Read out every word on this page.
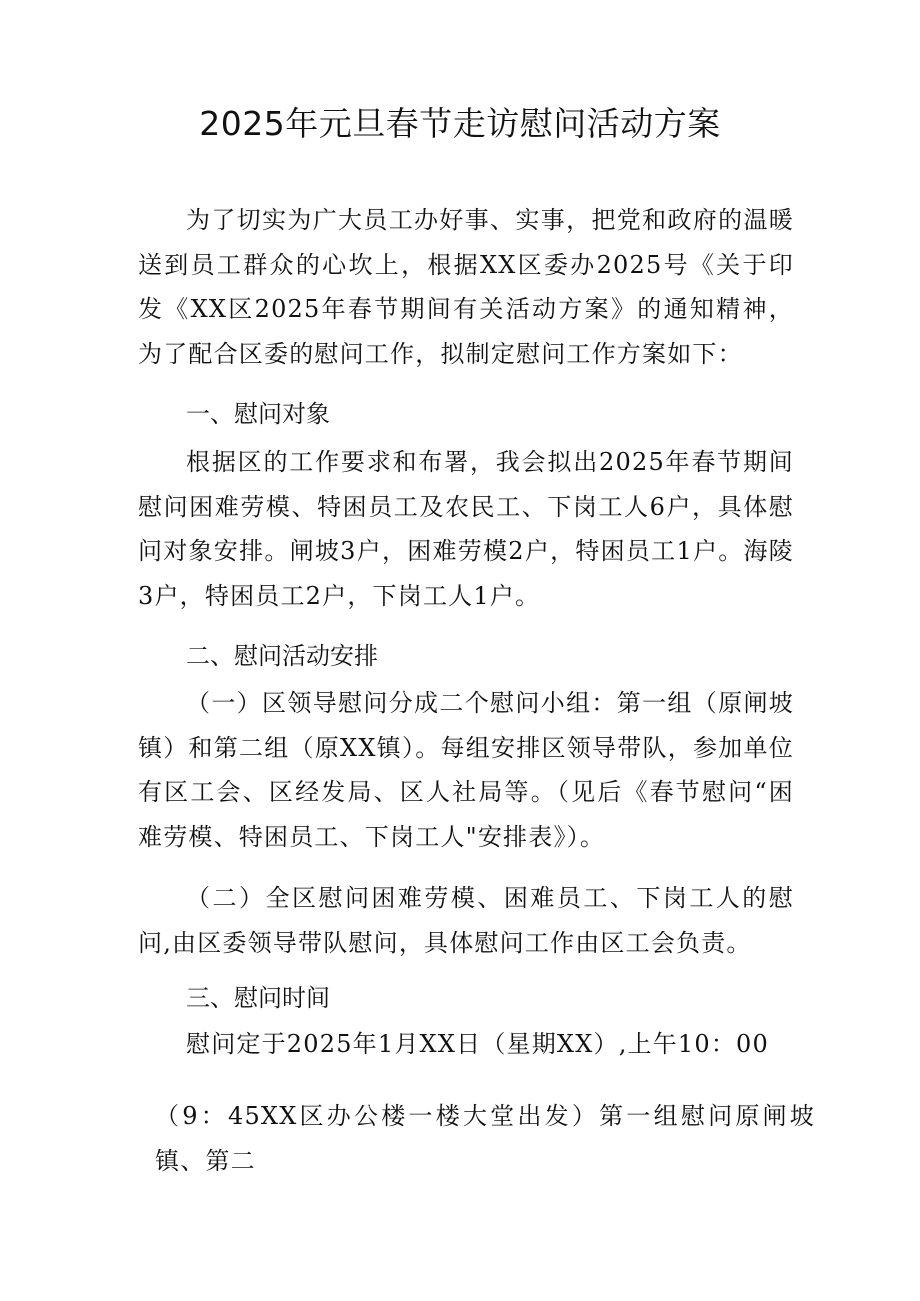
2025年元旦春节走访慰问活动方案

为了切实为广大员工办好事、实事，把党和政府的温暖送到员工群众的心坎上，根据XX区委办2025号《关于印发《XX区2025年春节期间有关活动方案》的通知精神，为了配合区委的慰问工作，拟制定慰问工作方案如下：

一、慰问对象

根据区的工作要求和布署，我会拟出2025年春节期间慰问困难劳模、特困员工及农民工、下岗工人6户，具体慰问对象安排。闸坡3户，困难劳模2户，特困员工1户。海陵3户，特困员工2户，下岗工人1户。

二、慰问活动安排

（一）区领导慰问分成二个慰问小组：第一组（原闸坡镇）和第二组（原XX镇）。每组安排区领导带队，参加单位有区工会、区经发局、区人社局等。（见后《春节慰问“困难劳模、特困员工、下岗工人"安排表》）。

（二）全区慰问困难劳模、困难员工、下岗工人的慰问,由区委领导带队慰问，具体慰问工作由区工会负责。

三、慰问时间

慰问定于2025年1月XX日（星期XX）,上午10：00

（9：45XX区办公楼一楼大堂出发）第一组慰问原闸坡镇、第二
